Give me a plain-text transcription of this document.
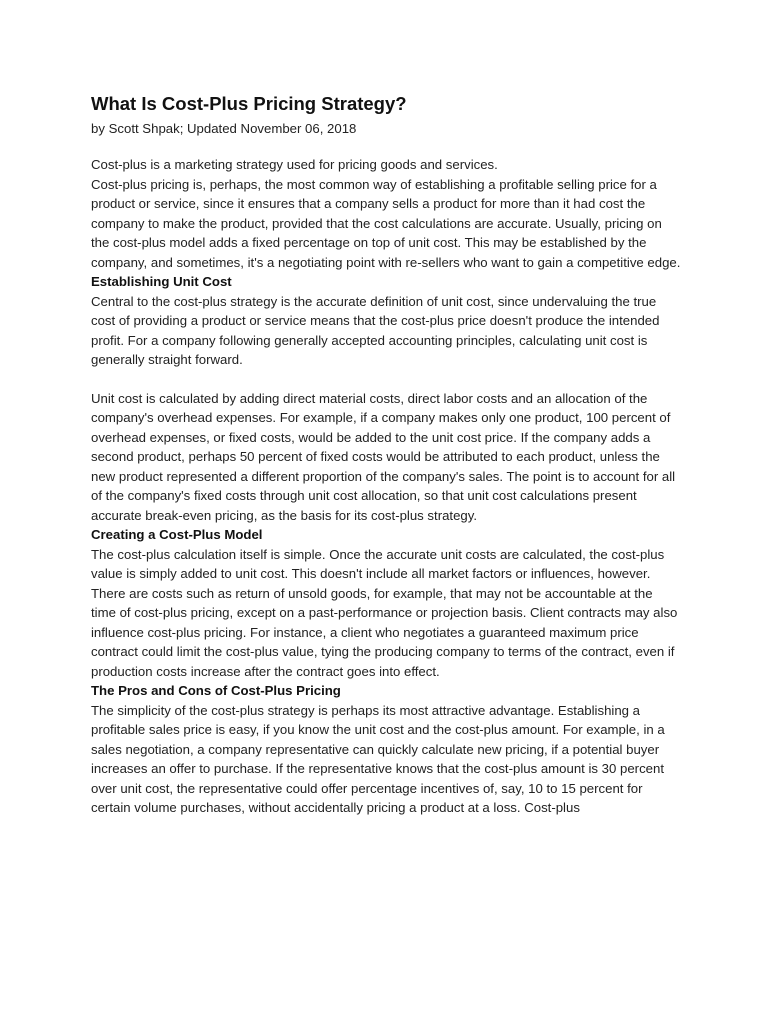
What Is Cost-Plus Pricing Strategy?

by Scott Shpak; Updated November 06, 2018

Cost-plus is a marketing strategy used for pricing goods and services.

Cost-plus pricing is, perhaps, the most common way of establishing a profitable selling price for a product or service, since it ensures that a company sells a product for more than it had cost the company to make the product, provided that the cost calculations are accurate. Usually, pricing on the cost-plus model adds a fixed percentage on top of unit cost. This may be established by the company, and sometimes, it's a negotiating point with re-sellers who want to gain a competitive edge.

Establishing Unit Cost

Central to the cost-plus strategy is the accurate definition of unit cost, since undervaluing the true cost of providing a product or service means that the cost-plus price doesn't produce the intended profit. For a company following generally accepted accounting principles, calculating unit cost is generally straight forward.

Unit cost is calculated by adding direct material costs, direct labor costs and an allocation of the company's overhead expenses. For example, if a company makes only one product, 100 percent of overhead expenses, or fixed costs, would be added to the unit cost price. If the company adds a second product, perhaps 50 percent of fixed costs would be attributed to each product, unless the new product represented a different proportion of the company's sales. The point is to account for all of the company's fixed costs through unit cost allocation, so that unit cost calculations present accurate break-even pricing, as the basis for its cost-plus strategy.

Creating a Cost-Plus Model

The cost-plus calculation itself is simple. Once the accurate unit costs are calculated, the cost-plus value is simply added to unit cost. This doesn't include all market factors or influences, however. There are costs such as return of unsold goods, for example, that may not be accountable at the time of cost-plus pricing, except on a past-performance or projection basis. Client contracts may also influence cost-plus pricing. For instance, a client who negotiates a guaranteed maximum price contract could limit the cost-plus value, tying the producing company to terms of the contract, even if production costs increase after the contract goes into effect.

The Pros and Cons of Cost-Plus Pricing

The simplicity of the cost-plus strategy is perhaps its most attractive advantage. Establishing a profitable sales price is easy, if you know the unit cost and the cost-plus amount. For example, in a sales negotiation, a company representative can quickly calculate new pricing, if a potential buyer increases an offer to purchase. If the representative knows that the cost-plus amount is 30 percent over unit cost, the representative could offer percentage incentives of, say, 10 to 15 percent for certain volume purchases, without accidentally pricing a product at a loss. Cost-plus
